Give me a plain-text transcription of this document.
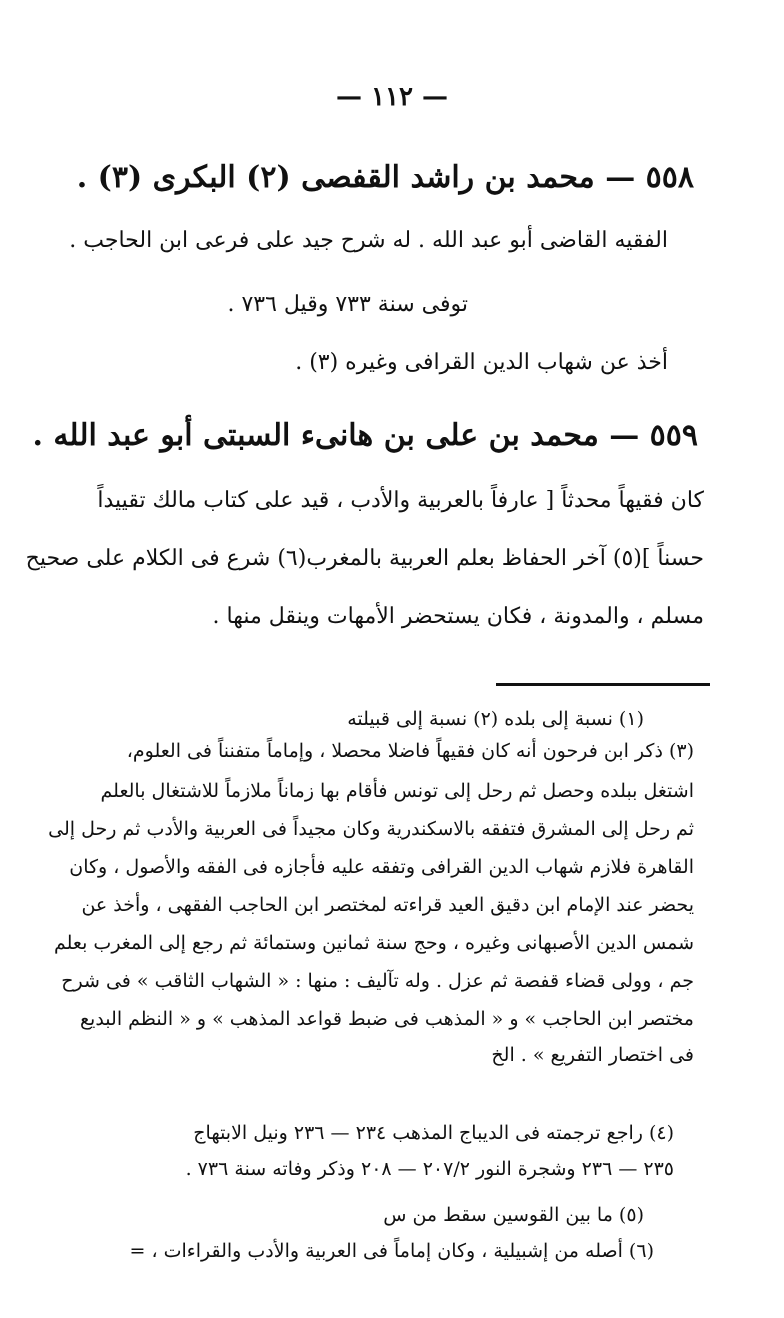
— ١١٢ —
٥٥٨ — محمد بن راشد القفصى (٢) البكرى (٣) .
الفقيه القاضى أبو عبد الله . له شرح جيد على فرعى ابن الحاجب .
توفى سنة ٧٣٣ وقيل ٧٣٦ .
أخذ عن شهاب الدين القرافى وغيره (٣) .
٥٥٩ — محمد بن على بن هانىء السبتى أبو عبد الله .
كان فقيهاً محدثاً [ عارفاً بالعربية والأدب ، قيد على كتاب مالك تقييداً
حسناً ](٥) آخر الحفاظ بعلم العربية بالمغرب(٦) شرع فى الكلام على صحيح
مسلم ، والمدونة ، فكان يستحضر الأمهات وينقل منها .
(١) نسبة إلى بلده (٢) نسبة إلى قبيلته
(٣) ذكر ابن فرحون أنه كان فقيهاً فاضلا محصلا ، وإماماً متفنناً فى العلوم،
اشتغل ببلده وحصل ثم رحل إلى تونس فأقام بها زماناً ملازماً للاشتغال بالعلم
ثم رحل إلى المشرق فتفقه بالاسكندرية وكان مجيداً فى العربية والأدب ثم رحل إلى
القاهرة فلازم شهاب الدين القرافى وتفقه عليه فأجازه فى الفقه والأصول ، وكان
يحضر عند الإمام ابن دقيق العيد قراءته لمختصر ابن الحاجب الفقهى ، وأخذ عن
شمس الدين الأصبهانى وغيره ، وحج سنة ثمانين وستمائة ثم رجع إلى المغرب بعلم
جم ، وولى قضاء قفصة ثم عزل . وله تآليف : منها : « الشهاب الثاقب » فى شرح
مختصر ابن الحاجب » و « المذهب فى ضبط قواعد المذهب » و « النظم البديع
فى اختصار التفريع » . الخ
(٤) راجع ترجمته فى الديباج المذهب ٢٣٤ — ٢٣٦ ونيل الابتهاج
٢٣٥ — ٢٣٦ وشجرة النور ٢٠٧/٢ — ٢٠٨ وذكر وفاته سنة ٧٣٦ .
(٥) ما بين القوسين سقط من س
(٦) أصله من إشبيلية ، وكان إماماً فى العربية والأدب والقراءات ، =
